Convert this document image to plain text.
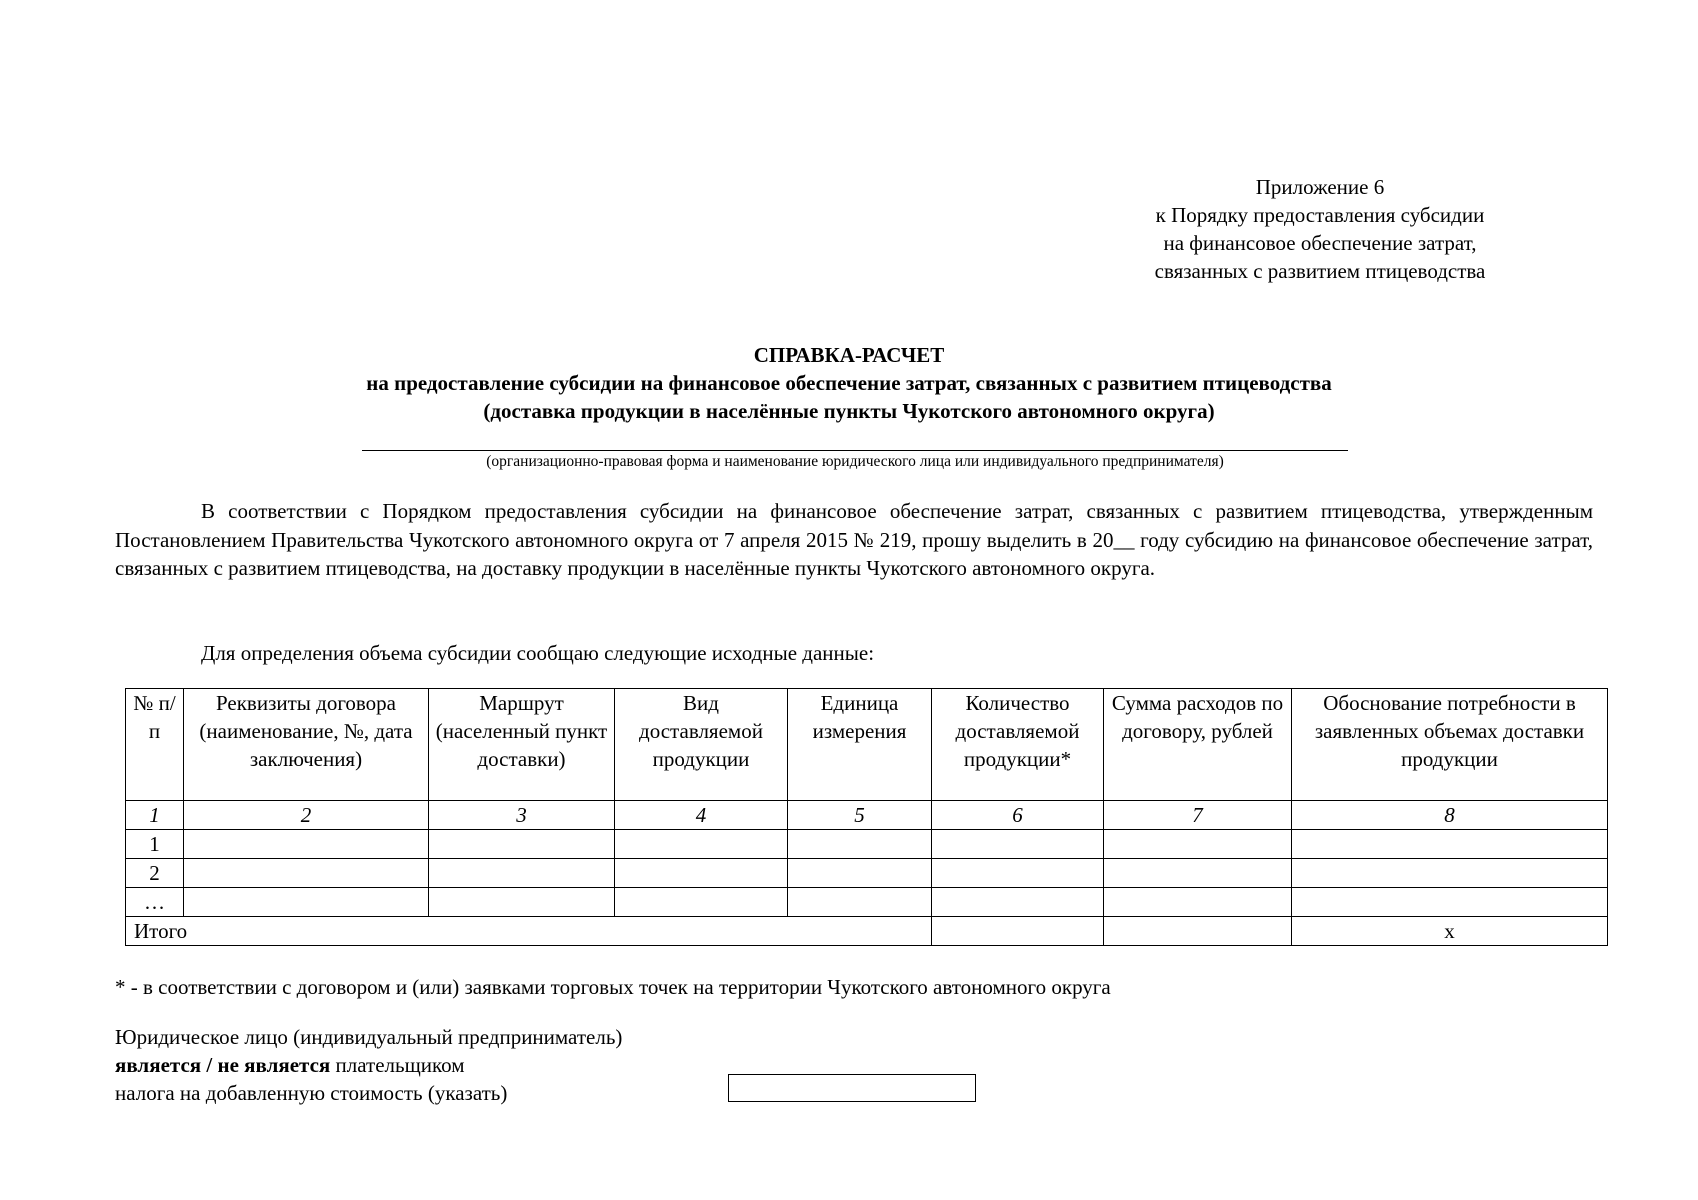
Приложение 6
к Порядку предоставления субсидии
на финансовое обеспечение затрат,
связанных с развитием птицеводства
СПРАВКА-РАСЧЕТ
на предоставление субсидии на финансовое обеспечение затрат, связанных с развитием птицеводства
(доставка продукции в населённые пункты Чукотского автономного округа)
(организационно-правовая форма и наименование юридического лица или индивидуального предпринимателя)
В соответствии с Порядком предоставления субсидии на финансовое обеспечение затрат, связанных с развитием птицеводства, утвержденным Постановлением Правительства Чукотского автономного округа от 7 апреля 2015 № 219, прошу выделить в 20__ году субсидию на финансовое обеспечение затрат, связанных с развитием птицеводства, на доставку продукции в населённые пункты Чукотского автономного округа.
Для определения объема субсидии сообщаю следующие исходные данные:
№ п/п	Реквизиты договора (наименование, №, дата заключения)	Маршрут (населенный пункт доставки)	Вид доставляемой продукции	Единица измерения	Количество доставляемой продукции*	Сумма расходов по договору, рублей	Обоснование потребности в заявленных объемах доставки продукции
1	2	3	4	5	6	7	8
1							
2							
…							
Итого							х
* - в соответствии с договором и (или) заявками торговых точек на территории Чукотского автономного округа
Юридическое лицо (индивидуальный предприниматель)
является / не является плательщиком
налога на добавленную стоимость (указать)
